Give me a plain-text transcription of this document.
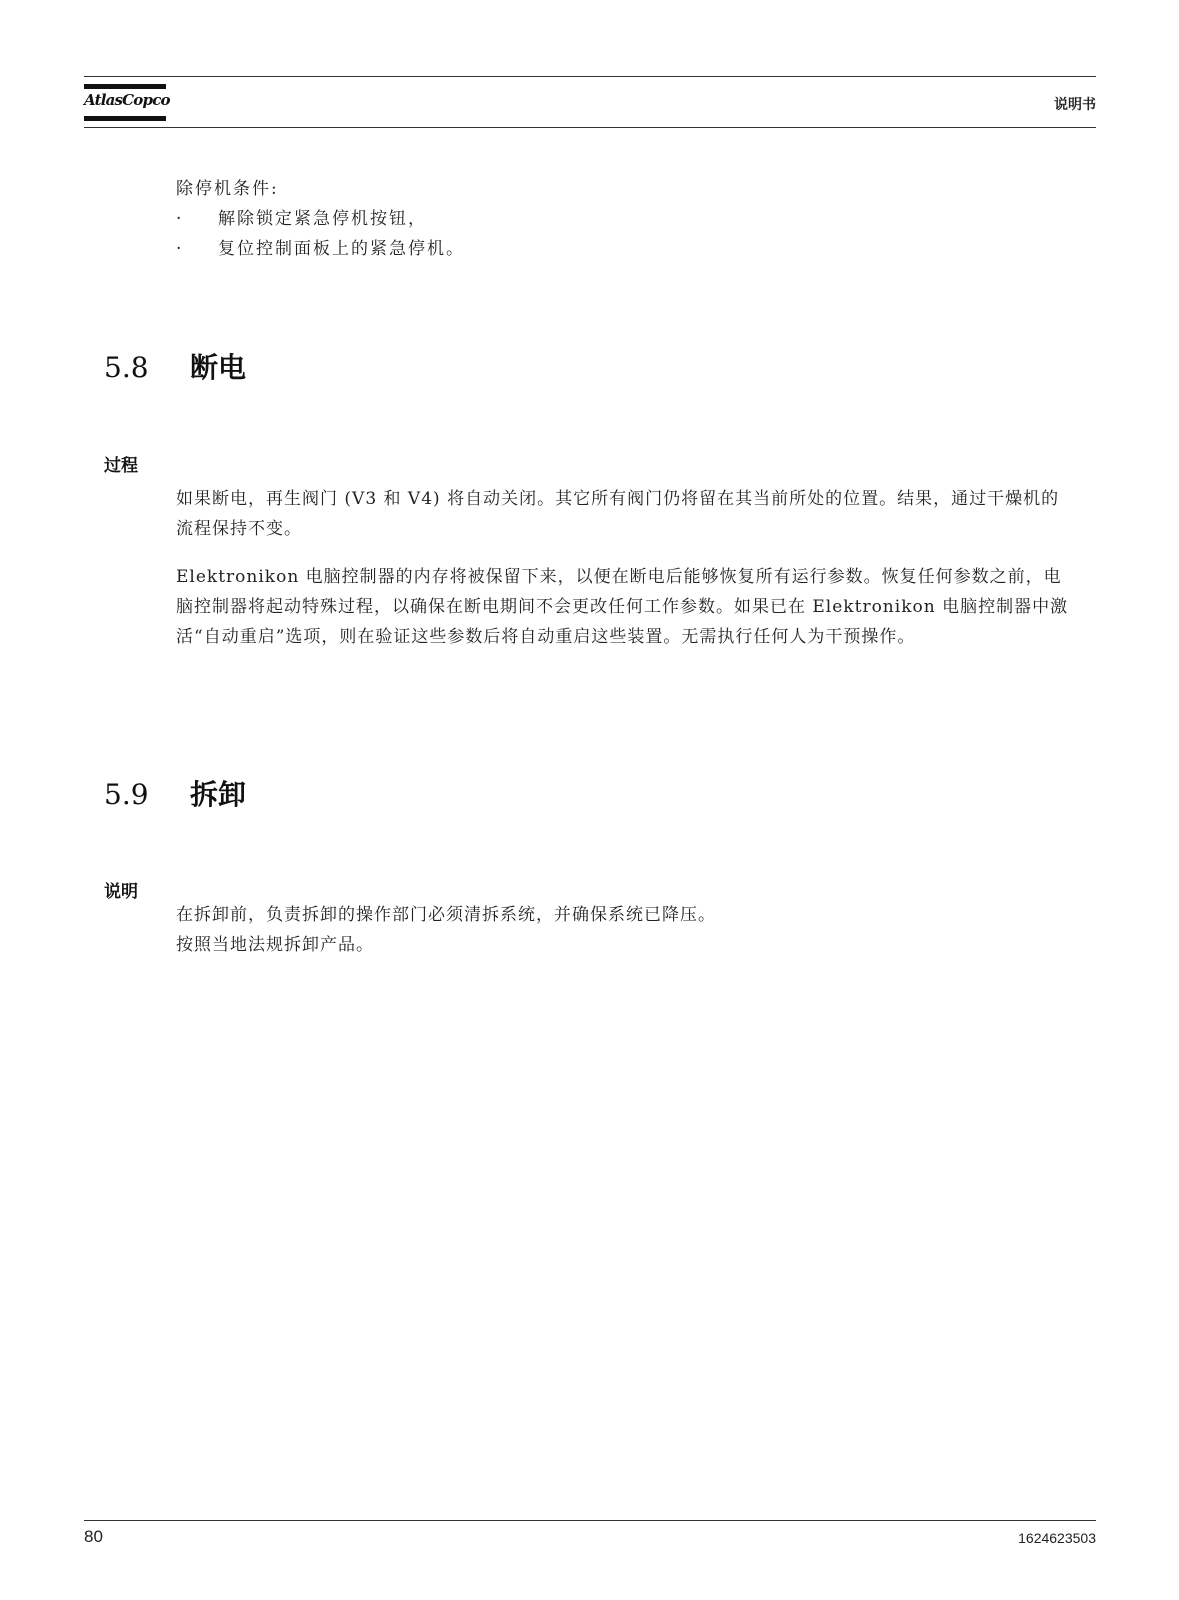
AtlasCopco	说明书
除停机条件:
· 解除锁定紧急停机按钮，
· 复位控制面板上的紧急停机。
5.8 断电
过程

如果断电，再生阀门 (V3 和 V4) 将自动关闭。其它所有阀门仍将留在其当前所处的位置。结果，通过干燥机的流程保持不变。

Elektronikon 电脑控制器的内存将被保留下来，以便在断电后能够恢复所有运行参数。恢复任何参数之前，电脑控制器将起动特殊过程，以确保在断电期间不会更改任何工作参数。如果已在 Elektronikon 电脑控制器中激活“自动重启”选项，则在验证这些参数后将自动重启这些装置。无需执行任何人为干预操作。

5.9 拆卸
说明

在拆卸前，负责拆卸的操作部门必须清拆系统，并确保系统已降压。

按照当地法规拆卸产品。

80	1624623503
